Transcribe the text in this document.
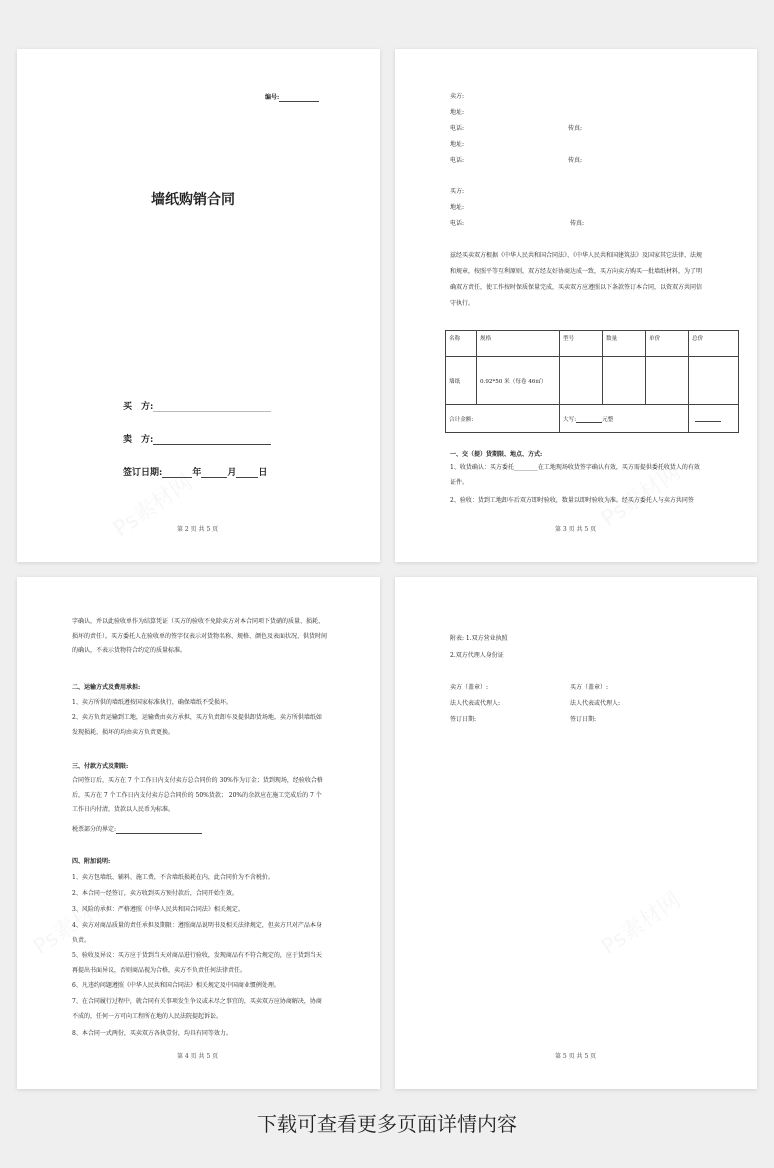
编号:
墙纸购销合同
买　方:
卖　方:
签订日期:	年	月 日
第 2 页 共 5 页
卖方:
地址:
电话:	传真:
地址:
电话:	传真:
买方:
地址:
电话:	传真:
兹经买卖双方根据《中华人民共和国合同法》、《中华人民共和国建筑法》及国家其它法律、法规和规章，按照平等互利原则，双方经友好协商达成一致，买方向卖方购买一批墙纸材料，为了明确双方责任，使工作按时保质保量完成，买卖双方应遵照以下条款签订本合同，以资双方共同信守执行。
名称	规格	型号	数量	单价	总价
墙纸	0.92*50 米（每卷 46㎡）				
合计金额:		大写: 元整			
一、交（提）货期限、地点、方式:
1、收货确认：买方委托________在工地现场收货签字确认有效，买方需提供委托收货人的有效证件。
2、验收：货到工地卸车后双方即时验收，数量以即时验收为准。经买方委托人与卖方共同签
第 3 页 共 5 页
字确认，并以此验收单作为结算凭证（买方的验收不免除卖方对本合同项下货硝的质量、损耗、损坏的责任）。买方委托人在验收单的签字仅表示对货物名称、规格、颜色及表面状况、供货时间的确认，不表示货物符合约定的质量标准。
二、运输方式及费用承担:
1、卖方所供的墙纸遵按国家标准执行，确保墙纸不受损坏。
2、卖方负责运输到工地，运输费由卖方承担，买方负责卸车及提供卸货场地。卖方所供墙纸如发现损耗、损坏的均由卖方负责更换。
三、付款方式及期限:
合同签订后，买方在 7 个工作日内支付卖方总合同价的 30%作为订金；货到现场，经验收合格后，买方在 7 个工作日内支付卖方总合同价的 50%货款； 20%的余款应在施工完成后的 7 个工作日内付清，货款以人民币为标准。
税票部分的界定:
四、附加说明:
1、卖方包墙纸、辅料、施工费，不含墙纸损耗在内，此合同价为不含税价。
2、本合同一经签订，卖方收到买方预付款后，合同开始生效。
3、风险的承担：严格遵照《中华人民共和国合同法》相关规定。
4、卖方对商品质量的责任承担及期限：遵照商品说明书及相关法律规定，但卖方只对产品本身负责。
5、验收及异议：买方应于货到当天对商品进行验收，发现商品有不符合规定的，应于货到当天再提出书面异议，否则商品视为合格，卖方不负责任何法律责任。
6、凡违约问题遵照《中华人民共和国合同法》相关规定及中国商业惯例处理。
7、在合同履行过程中，就合同有关事项发生争议或未尽之事宜的，买卖双方应协商解决，协商不成的，任何一方可向工程所在地的人民法院提起诉讼。
8、本合同一式两份，买卖双方各执壹份，均具有同等效力。
第 4 页 共 5 页
附表: 1.双方营业执照
2.双方代理人身份证
卖方（盖章）:
法人代表或代理人:
签订日期:
买方（盖章）:
法人代表或代理人:
签订日期:
第 5 页 共 5 页
下载可查看更多页面详情内容
